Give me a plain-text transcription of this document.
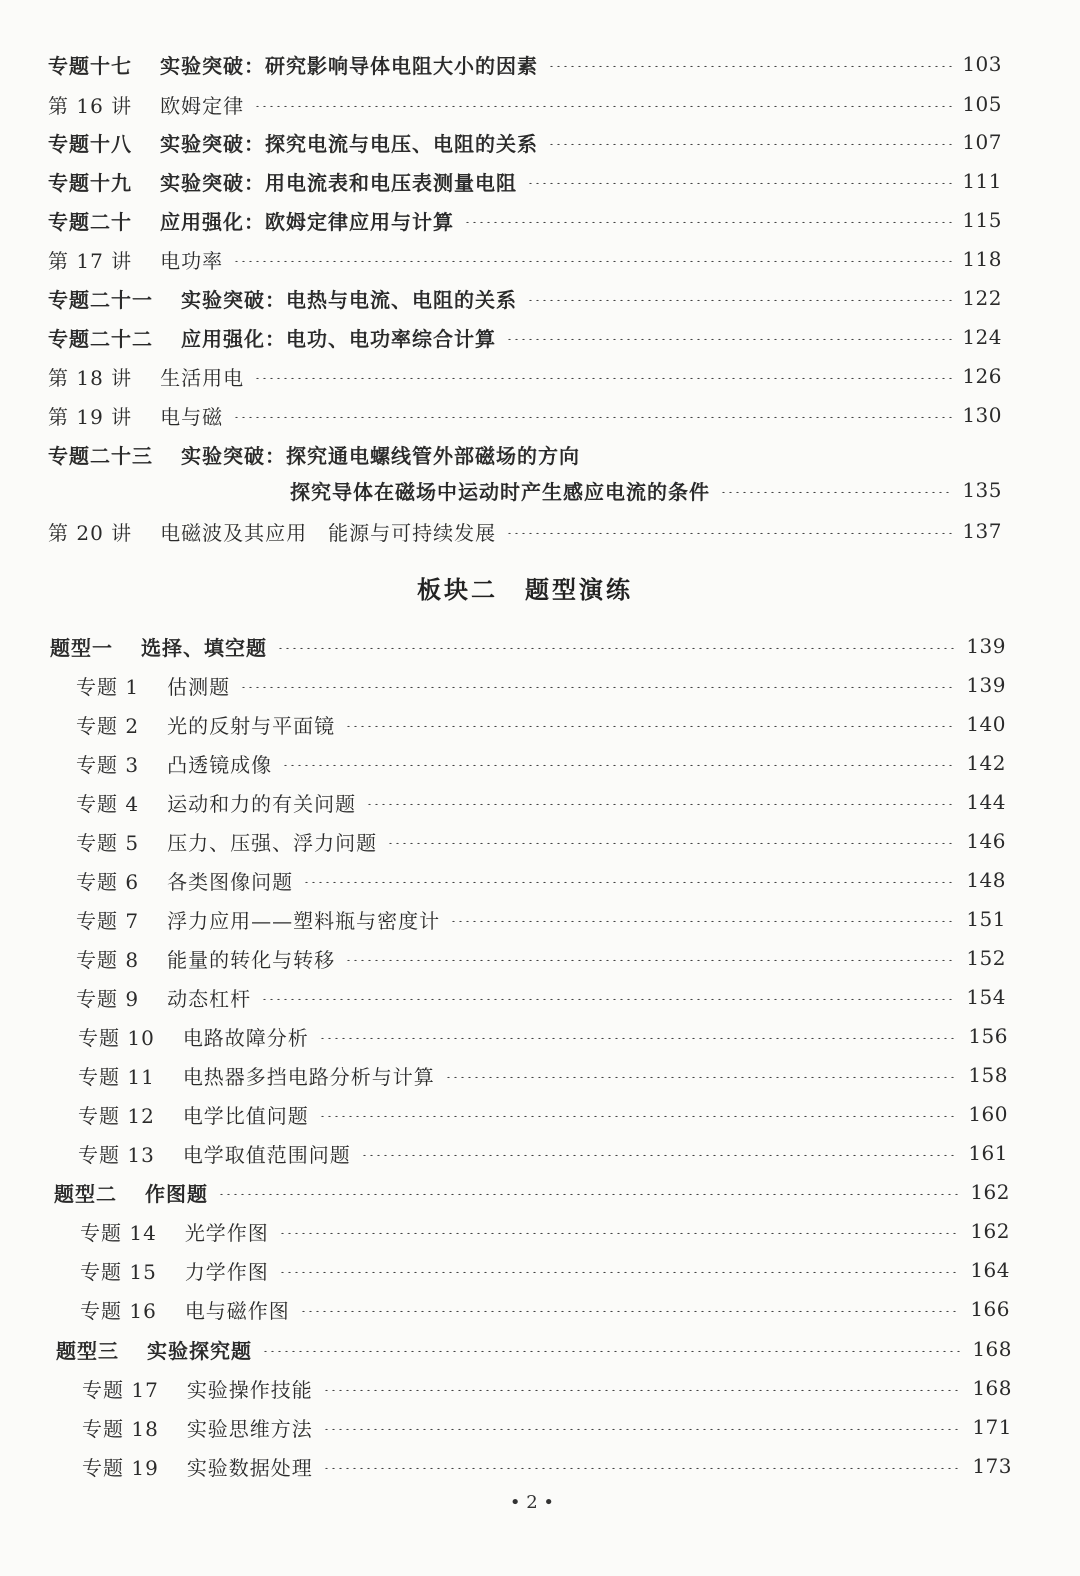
专题十七 实验突破：研究影响导体电阻大小的因素	103
第 16 讲 欧姆定律	105
专题十八 实验突破：探究电流与电压、电阻的关系	107
专题十九 实验突破：用电流表和电压表测量电阻	111
专题二十 应用强化：欧姆定律应用与计算	115
第 17 讲 电功率	118
专题二十一 实验突破：电热与电流、电阻的关系	122
专题二十二 应用强化：电功、电功率综合计算	124
第 18 讲 生活用电	126
第 19 讲 电与磁	130
专题二十三 实验突破：探究通电螺线管外部磁场的方向
探究导体在磁场中运动时产生感应电流的条件	135
第 20 讲 电磁波及其应用　能源与可持续发展	137
板块二　题型演练
题型一 选择、填空题	139
专题 1 估测题	139
专题 2 光的反射与平面镜	140
专题 3 凸透镜成像	142
专题 4 运动和力的有关问题	144
专题 5 压力、压强、浮力问题	146
专题 6 各类图像问题	148
专题 7 浮力应用——塑料瓶与密度计	151
专题 8 能量的转化与转移	152
专题 9 动态杠杆	154
专题 10 电路故障分析	156
专题 11 电热器多挡电路分析与计算	158
专题 12 电学比值问题	160
专题 13 电学取值范围问题	161
题型二 作图题	162
专题 14 光学作图	162
专题 15 力学作图	164
专题 16 电与磁作图	166
题型三 实验探究题	168
专题 17 实验操作技能	168
专题 18 实验思维方法	171
专题 19 实验数据处理	173
• 2 •
